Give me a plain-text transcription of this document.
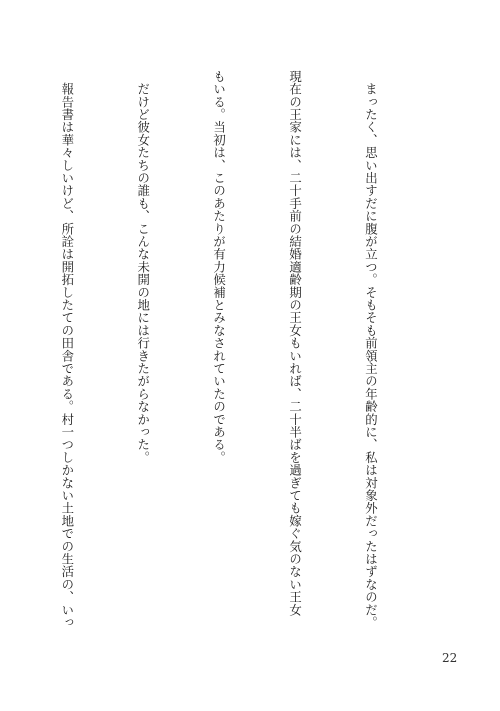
　まったく、思い出すだに腹が立つ。そもそも前領主の年齢的に、私は対象外だったはずなのだ。

現在の王家には、二十手前の結婚適齢期の王女もいれば、二十半ばを過ぎても嫁ぐ気のない王女

もいる。当初は、このあたりが有力候補とみなされていたのである。

　だけど彼女たちの誰も、こんな未開の地には行きたがらなかった。

　報告書は華々しいけど、所詮は開拓したての田舎である。村一つしかない土地での生活の、いっ

22
